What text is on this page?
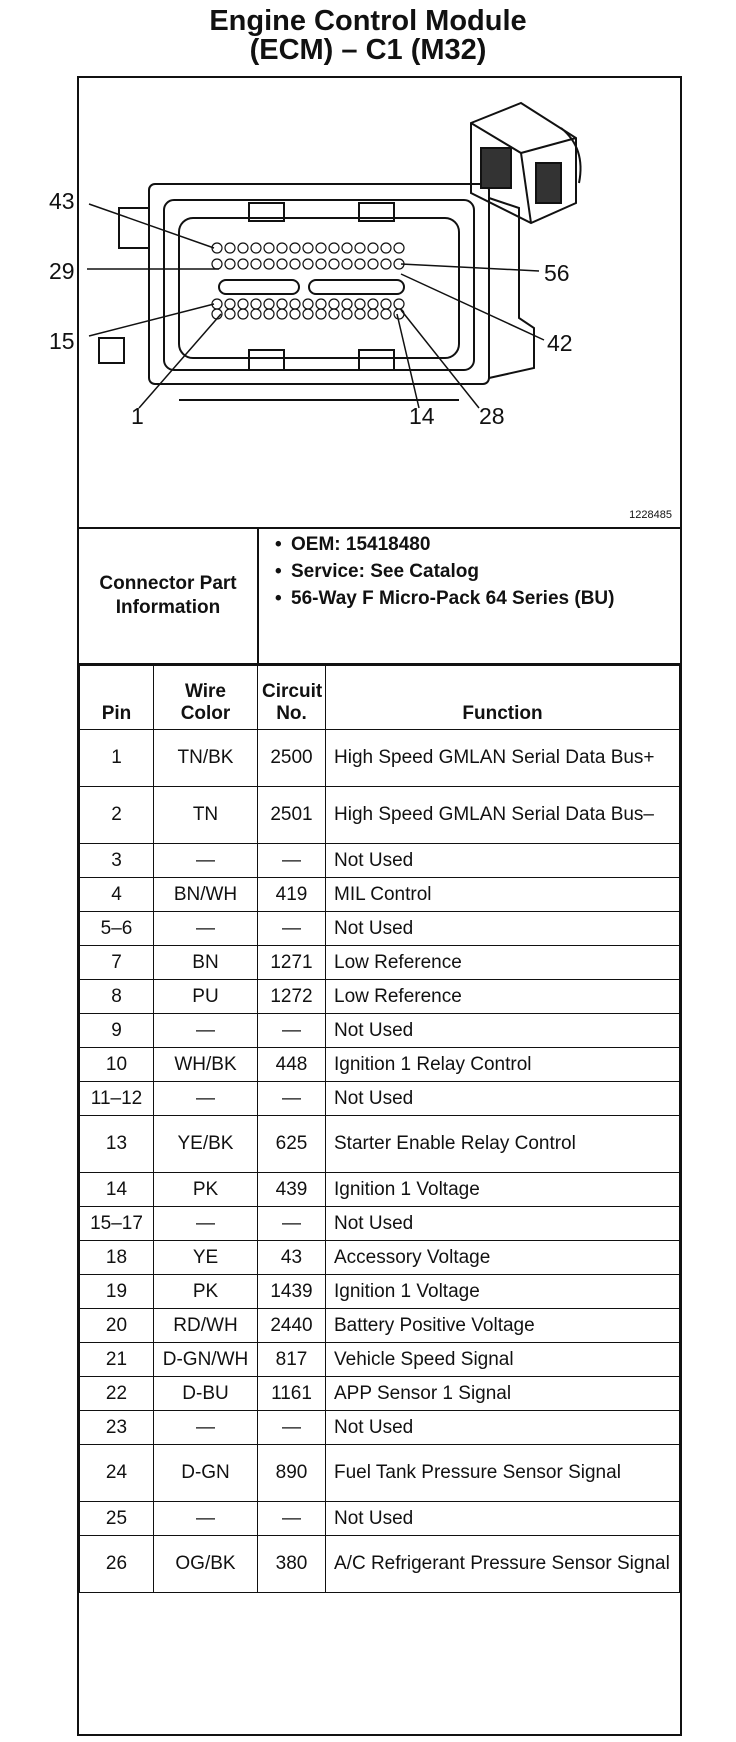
Engine Control Module
(ECM) – C1 (M32)
43
29
15
1
56
42
14 28
1228485
Connector Part Information
• OEM: 15418480
• Service: See Catalog
• 56-Way F Micro-Pack 64 Series (BU)
Pin	Wire Color	Circuit No.	Function
1	TN/BK	2500	High Speed GMLAN Serial Data Bus+
2	TN	2501	High Speed GMLAN Serial Data Bus–
3	—	—	Not Used
4	BN/WH	419	MIL Control
5–6	—	—	Not Used
7	BN	1271	Low Reference
8	PU	1272	Low Reference
9	—	—	Not Used
10	WH/BK	448	Ignition 1 Relay Control
11–12	—	—	Not Used
13	YE/BK	625	Starter Enable Relay Control
14	PK	439	Ignition 1 Voltage
15–17	—	—	Not Used
18	YE	43	Accessory Voltage
19	PK	1439	Ignition 1 Voltage
20	RD/WH	2440	Battery Positive Voltage
21	D-GN/WH	817	Vehicle Speed Signal
22	D-BU	1161	APP Sensor 1 Signal
23	—	—	Not Used
24	D-GN	890	Fuel Tank Pressure Sensor Signal
25	—	—	Not Used
26	OG/BK	380	A/C Refrigerant Pressure Sensor Signal
